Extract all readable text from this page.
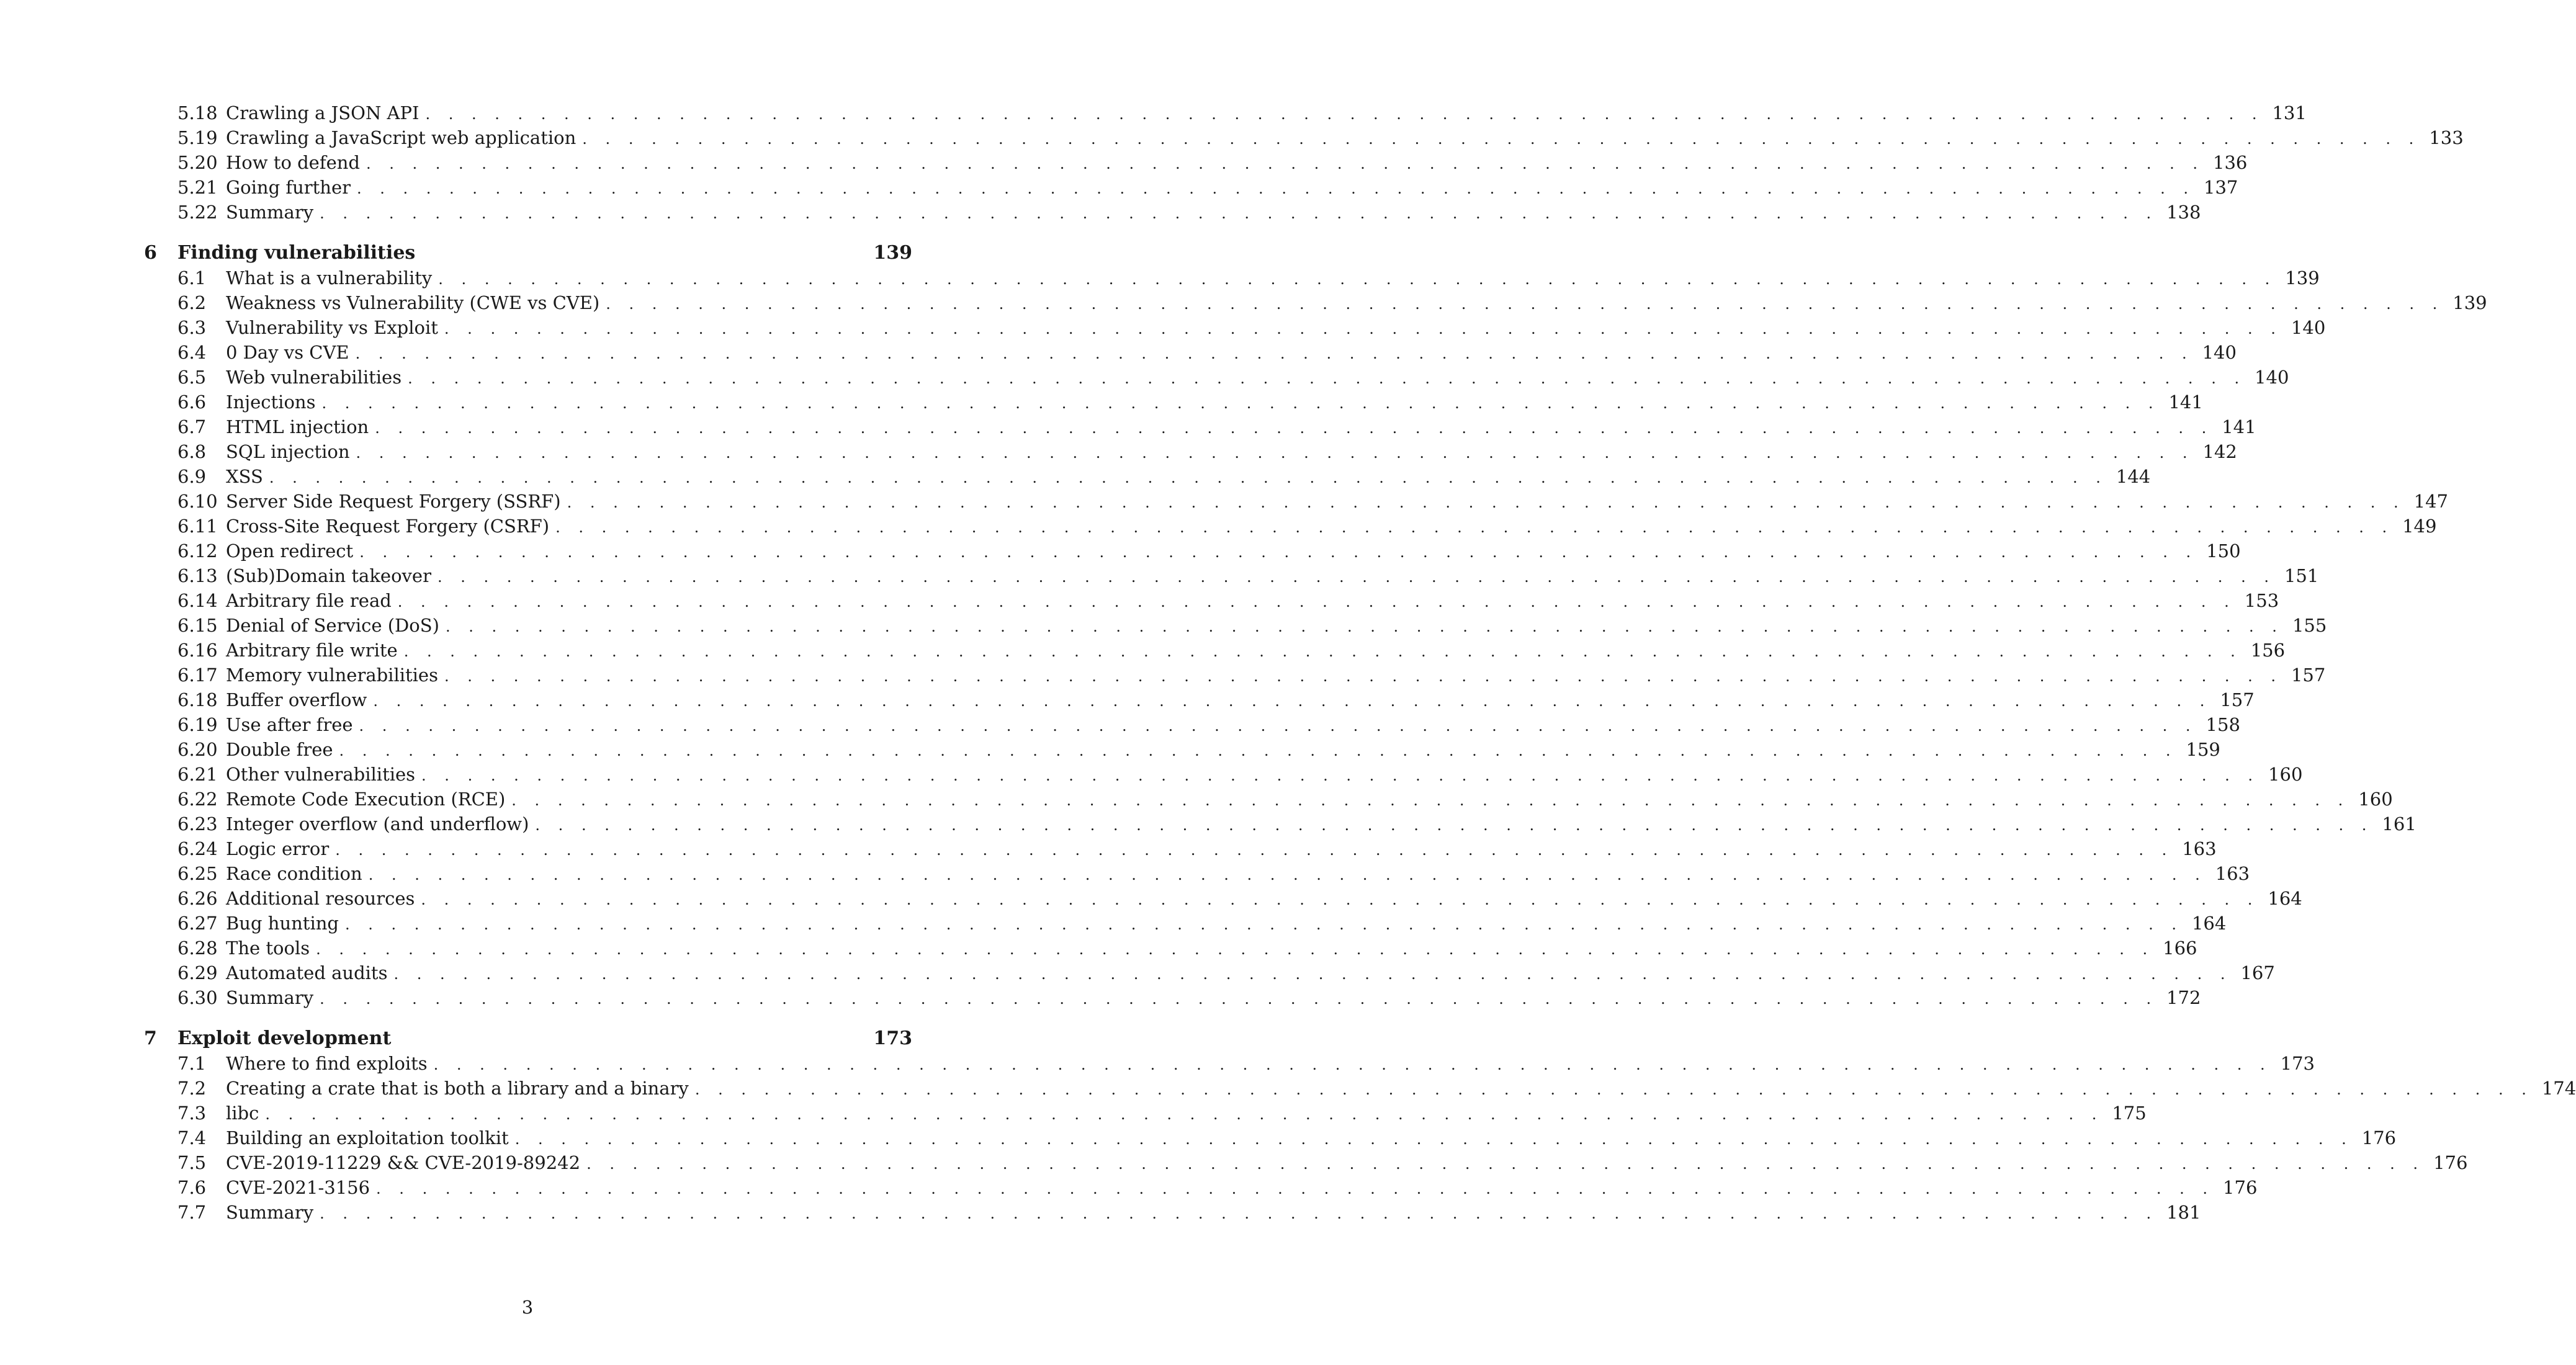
5.18 Crawling a JSON API . . . . . . . . . . . . . . . . . . . . . . . . . . . . . . . . . . . . . . . . . . . . . . . . . . . . . . . . . . . . . . . . . . . . . . . . . . . . . . . . 131
5.19 Crawling a JavaScript web application . . . . . . . . . . . . . . . . . . . . . . . . . . . . . . . . . . . . . . . . . . . . . . . . . . . . . . . . . . . . . . . . . . . . . . . . . . . . . . . . 133
5.20 How to defend . . . . . . . . . . . . . . . . . . . . . . . . . . . . . . . . . . . . . . . . . . . . . . . . . . . . . . . . . . . . . . . . . . . . . . . . . . . . . . . . 136
5.21 Going further . . . . . . . . . . . . . . . . . . . . . . . . . . . . . . . . . . . . . . . . . . . . . . . . . . . . . . . . . . . . . . . . . . . . . . . . . . . . . . . . 137
5.22 Summary . . . . . . . . . . . . . . . . . . . . . . . . . . . . . . . . . . . . . . . . . . . . . . . . . . . . . . . . . . . . . . . . . . . . . . . . . . . . . . . . 138
6	Finding vulnerabilities	139
6.1	What is a vulnerability . . . . . . . . . . . . . . . . . . . . . . . . . . . . . . . . . . . . . . . . . . . . . . . . . . . . . . . . . . . . . . . . . . . . . . . . . . . . . . . . 139
6.2	Weakness vs Vulnerability (CWE vs CVE) . . . . . . . . . . . . . . . . . . . . . . . . . . . . . . . . . . . . . . . . . . . . . . . . . . . . . . . . . . . . . . . . . . . . . . . . . . . . . . . . 139
6.3	Vulnerability vs Exploit . . . . . . . . . . . . . . . . . . . . . . . . . . . . . . . . . . . . . . . . . . . . . . . . . . . . . . . . . . . . . . . . . . . . . . . . . . . . . . . . 140
6.4	0 Day vs CVE . . . . . . . . . . . . . . . . . . . . . . . . . . . . . . . . . . . . . . . . . . . . . . . . . . . . . . . . . . . . . . . . . . . . . . . . . . . . . . . . 140
6.5	Web vulnerabilities . . . . . . . . . . . . . . . . . . . . . . . . . . . . . . . . . . . . . . . . . . . . . . . . . . . . . . . . . . . . . . . . . . . . . . . . . . . . . . . . 140
6.6	Injections . . . . . . . . . . . . . . . . . . . . . . . . . . . . . . . . . . . . . . . . . . . . . . . . . . . . . . . . . . . . . . . . . . . . . . . . . . . . . . . . 141
6.7	HTML injection . . . . . . . . . . . . . . . . . . . . . . . . . . . . . . . . . . . . . . . . . . . . . . . . . . . . . . . . . . . . . . . . . . . . . . . . . . . . . . . . 141
6.8	SQL injection . . . . . . . . . . . . . . . . . . . . . . . . . . . . . . . . . . . . . . . . . . . . . . . . . . . . . . . . . . . . . . . . . . . . . . . . . . . . . . . . 142
6.9	XSS . . . . . . . . . . . . . . . . . . . . . . . . . . . . . . . . . . . . . . . . . . . . . . . . . . . . . . . . . . . . . . . . . . . . . . . . . . . . . . . . 144
6.10 Server Side Request Forgery (SSRF) . . . . . . . . . . . . . . . . . . . . . . . . . . . . . . . . . . . . . . . . . . . . . . . . . . . . . . . . . . . . . . . . . . . . . . . . . . . . . . . . 147
6.11 Cross-Site Request Forgery (CSRF) . . . . . . . . . . . . . . . . . . . . . . . . . . . . . . . . . . . . . . . . . . . . . . . . . . . . . . . . . . . . . . . . . . . . . . . . . . . . . . . . 149
6.12 Open redirect . . . . . . . . . . . . . . . . . . . . . . . . . . . . . . . . . . . . . . . . . . . . . . . . . . . . . . . . . . . . . . . . . . . . . . . . . . . . . . . . 150
6.13 (Sub)Domain takeover . . . . . . . . . . . . . . . . . . . . . . . . . . . . . . . . . . . . . . . . . . . . . . . . . . . . . . . . . . . . . . . . . . . . . . . . . . . . . . . . 151
6.14 Arbitrary file read . . . . . . . . . . . . . . . . . . . . . . . . . . . . . . . . . . . . . . . . . . . . . . . . . . . . . . . . . . . . . . . . . . . . . . . . . . . . . . . . 153
6.15 Denial of Service (DoS) . . . . . . . . . . . . . . . . . . . . . . . . . . . . . . . . . . . . . . . . . . . . . . . . . . . . . . . . . . . . . . . . . . . . . . . . . . . . . . . . 155
6.16 Arbitrary file write . . . . . . . . . . . . . . . . . . . . . . . . . . . . . . . . . . . . . . . . . . . . . . . . . . . . . . . . . . . . . . . . . . . . . . . . . . . . . . . . 156
6.17 Memory vulnerabilities . . . . . . . . . . . . . . . . . . . . . . . . . . . . . . . . . . . . . . . . . . . . . . . . . . . . . . . . . . . . . . . . . . . . . . . . . . . . . . . . 157
6.18 Buffer overflow . . . . . . . . . . . . . . . . . . . . . . . . . . . . . . . . . . . . . . . . . . . . . . . . . . . . . . . . . . . . . . . . . . . . . . . . . . . . . . . . 157
6.19 Use after free . . . . . . . . . . . . . . . . . . . . . . . . . . . . . . . . . . . . . . . . . . . . . . . . . . . . . . . . . . . . . . . . . . . . . . . . . . . . . . . . 158
6.20 Double free . . . . . . . . . . . . . . . . . . . . . . . . . . . . . . . . . . . . . . . . . . . . . . . . . . . . . . . . . . . . . . . . . . . . . . . . . . . . . . . . 159
6.21 Other vulnerabilities . . . . . . . . . . . . . . . . . . . . . . . . . . . . . . . . . . . . . . . . . . . . . . . . . . . . . . . . . . . . . . . . . . . . . . . . . . . . . . . . 160
6.22 Remote Code Execution (RCE) . . . . . . . . . . . . . . . . . . . . . . . . . . . . . . . . . . . . . . . . . . . . . . . . . . . . . . . . . . . . . . . . . . . . . . . . . . . . . . . . 160
6.23 Integer overflow (and underflow) . . . . . . . . . . . . . . . . . . . . . . . . . . . . . . . . . . . . . . . . . . . . . . . . . . . . . . . . . . . . . . . . . . . . . . . . . . . . . . . . 161
6.24 Logic error . . . . . . . . . . . . . . . . . . . . . . . . . . . . . . . . . . . . . . . . . . . . . . . . . . . . . . . . . . . . . . . . . . . . . . . . . . . . . . . . 163
6.25 Race condition . . . . . . . . . . . . . . . . . . . . . . . . . . . . . . . . . . . . . . . . . . . . . . . . . . . . . . . . . . . . . . . . . . . . . . . . . . . . . . . . 163
6.26 Additional resources . . . . . . . . . . . . . . . . . . . . . . . . . . . . . . . . . . . . . . . . . . . . . . . . . . . . . . . . . . . . . . . . . . . . . . . . . . . . . . . . 164
6.27 Bug hunting . . . . . . . . . . . . . . . . . . . . . . . . . . . . . . . . . . . . . . . . . . . . . . . . . . . . . . . . . . . . . . . . . . . . . . . . . . . . . . . . 164
6.28 The tools . . . . . . . . . . . . . . . . . . . . . . . . . . . . . . . . . . . . . . . . . . . . . . . . . . . . . . . . . . . . . . . . . . . . . . . . . . . . . . . . 166
6.29 Automated audits . . . . . . . . . . . . . . . . . . . . . . . . . . . . . . . . . . . . . . . . . . . . . . . . . . . . . . . . . . . . . . . . . . . . . . . . . . . . . . . . 167
6.30 Summary . . . . . . . . . . . . . . . . . . . . . . . . . . . . . . . . . . . . . . . . . . . . . . . . . . . . . . . . . . . . . . . . . . . . . . . . . . . . . . . . 172
7	Exploit development	173
7.1	Where to find exploits . . . . . . . . . . . . . . . . . . . . . . . . . . . . . . . . . . . . . . . . . . . . . . . . . . . . . . . . . . . . . . . . . . . . . . . . . . . . . . . . 173
7.2	Creating a crate that is both a library and a binary . . . . . . . . . . . . . . . . . . . . . . . . . . . . . . . . . . . . . . . . . . . . . . . . . . . . . . . . . . . . . . . . . . . . . . . . . . . . . . . . 174
7.3	libc . . . . . . . . . . . . . . . . . . . . . . . . . . . . . . . . . . . . . . . . . . . . . . . . . . . . . . . . . . . . . . . . . . . . . . . . . . . . . . . . 175
7.4	Building an exploitation toolkit . . . . . . . . . . . . . . . . . . . . . . . . . . . . . . . . . . . . . . . . . . . . . . . . . . . . . . . . . . . . . . . . . . . . . . . . . . . . . . . . 176
7.5	CVE-2019-11229 && CVE-2019-89242 . . . . . . . . . . . . . . . . . . . . . . . . . . . . . . . . . . . . . . . . . . . . . . . . . . . . . . . . . . . . . . . . . . . . . . . . . . . . . . . . 176
7.6	CVE-2021-3156 . . . . . . . . . . . . . . . . . . . . . . . . . . . . . . . . . . . . . . . . . . . . . . . . . . . . . . . . . . . . . . . . . . . . . . . . . . . . . . . . 176
7.7	Summary . . . . . . . . . . . . . . . . . . . . . . . . . . . . . . . . . . . . . . . . . . . . . . . . . . . . . . . . . . . . . . . . . . . . . . . . . . . . . . . . 181
3
